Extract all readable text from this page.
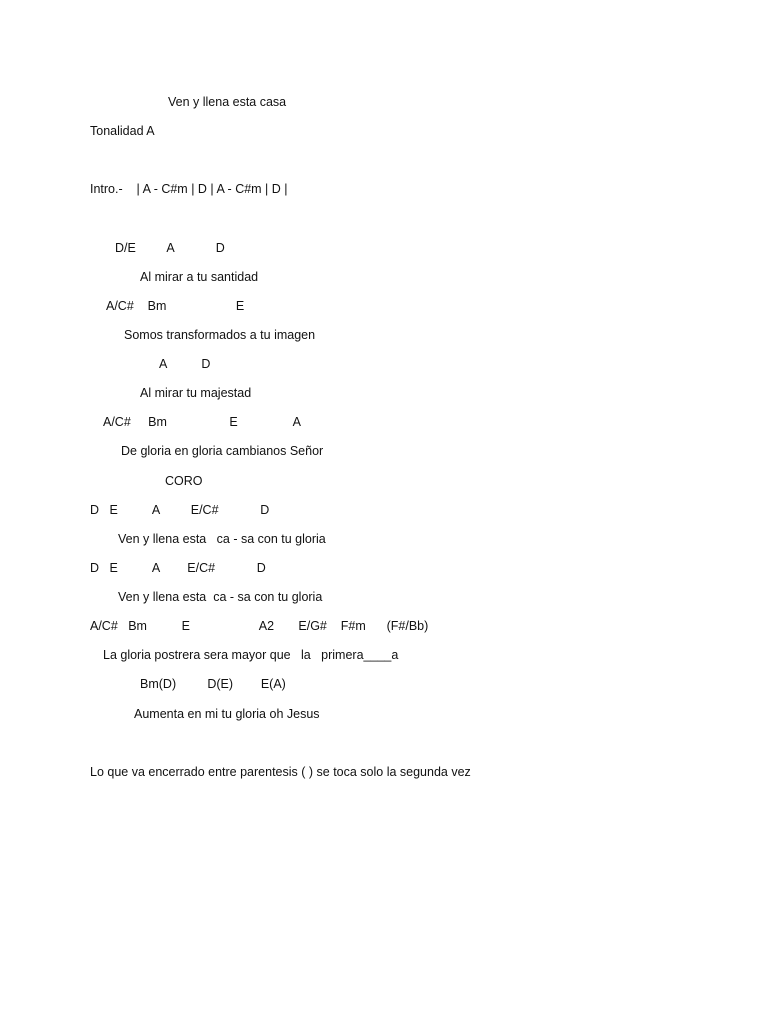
Ven y llena esta casa
Tonalidad A
Intro.-    | A - C#m | D | A - C#m | D |
D/E         A            D
Al mirar a tu santidad
A/C#    Bm                    E
Somos transformados a tu imagen
A          D
Al mirar tu majestad
A/C#     Bm                  E                A
De gloria en gloria cambianos Señor
CORO
D   E          A         E/C#            D
Ven y llena esta   ca - sa con tu gloria
D   E          A        E/C#            D
Ven y llena esta  ca - sa con tu gloria
A/C#   Bm          E                    A2       E/G#    F#m      (F#/Bb)
La gloria postrera sera mayor que   la   primera____a
Bm(D)         D(E)        E(A)
Aumenta en mi tu gloria oh Jesus
Lo que va encerrado entre parentesis ( ) se toca solo la segunda vez
